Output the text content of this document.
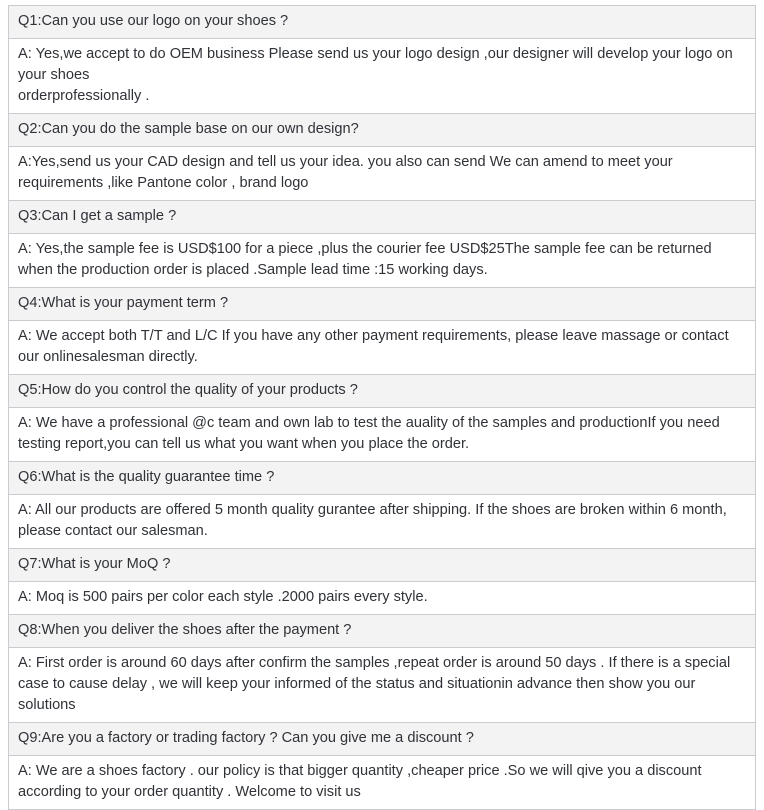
Q1:Can you use our logo on your shoes ?

A: Yes,we accept to do OEM business Please send us your logo design ,our designer will develop your logo on your shoes
orderprofessionally .

Q2:Can you do the sample base on our own design?
A:Yes,send us your CAD design and tell us your idea. you also can send We can amend to meet your requirements ,like Pantone color , brand logo
Q3:Can I get a sample ?
A: Yes,the sample fee is USD$100 for a piece ,plus the courier fee USD$25The sample fee can be returned when the production order is placed .Sample lead time :15 working days.
Q4:What is your payment term ?
A: We accept both T/T and L/C If you have any other payment requirements, please leave massage or contact our onlinesalesman directly.
Q5:How do you control the quality of your products ?
A: We have a professional @c team and own lab to test the auality of the samples and productionIf you need testing report,you can tell us what you want when you place the order.
Q6:What is the quality guarantee time ?
A: All our products are offered 5 month quality gurantee after shipping. If the shoes are broken within 6 month, please contact our salesman.
Q7:What is your MoQ ?
A: Moq is 500 pairs per color each style .2000 pairs every style.
Q8:When you deliver the shoes after the payment ?
A: First order is around 60 days after confirm the samples ,repeat order is around 50 days . If there is a special case to cause delay , we will keep your informed of the status and situationin advance then show you our solutions
Q9:Are you a factory or trading factory ? Can you give me a discount ?
A: We are a shoes factory . our policy is that bigger quantity ,cheaper price .So we will qive you a discount according to your order quantity . Welcome to visit us
